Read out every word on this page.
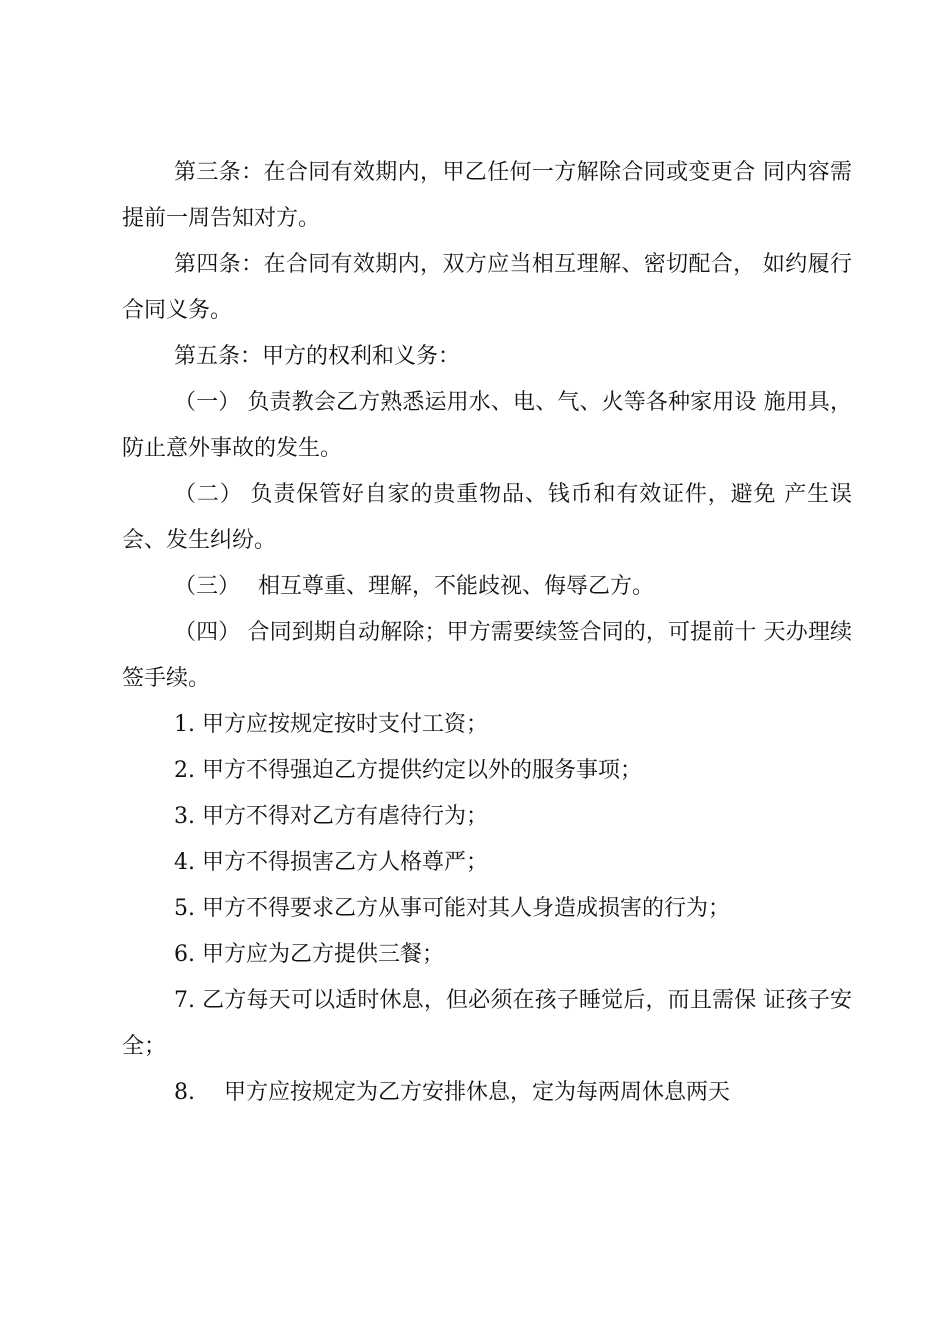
第三条：在合同有效期内，甲乙任何一方解除合同或变更合 同内容需提前一周告知对方。

第四条：在合同有效期内，双方应当相互理解、密切配合， 如约履行合同义务。

第五条：甲方的权利和义务：

（一） 负责教会乙方熟悉运用水、电、气、火等各种家用设 施用具，防止意外事故的发生。

（二） 负责保管好自家的贵重物品、钱币和有效证件，避免 产生误会、发生纠纷。

（三）　 相互尊重、理解，不能歧视、侮辱乙方。

（四） 合同到期自动解除；甲方需要续签合同的，可提前十 天办理续签手续。

1. 甲方应按规定按时支付工资；

2. 甲方不得强迫乙方提供约定以外的服务事项；

3. 甲方不得对乙方有虐待行为；

4. 甲方不得损害乙方人格尊严；

5. 甲方不得要求乙方从事可能对其人身造成损害的行为；

6. 甲方应为乙方提供三餐；

7. 乙方每天可以适时休息，但必须在孩子睡觉后，而且需保 证孩子安全；

8.　 甲方应按规定为乙方安排休息，定为每两周休息两天
